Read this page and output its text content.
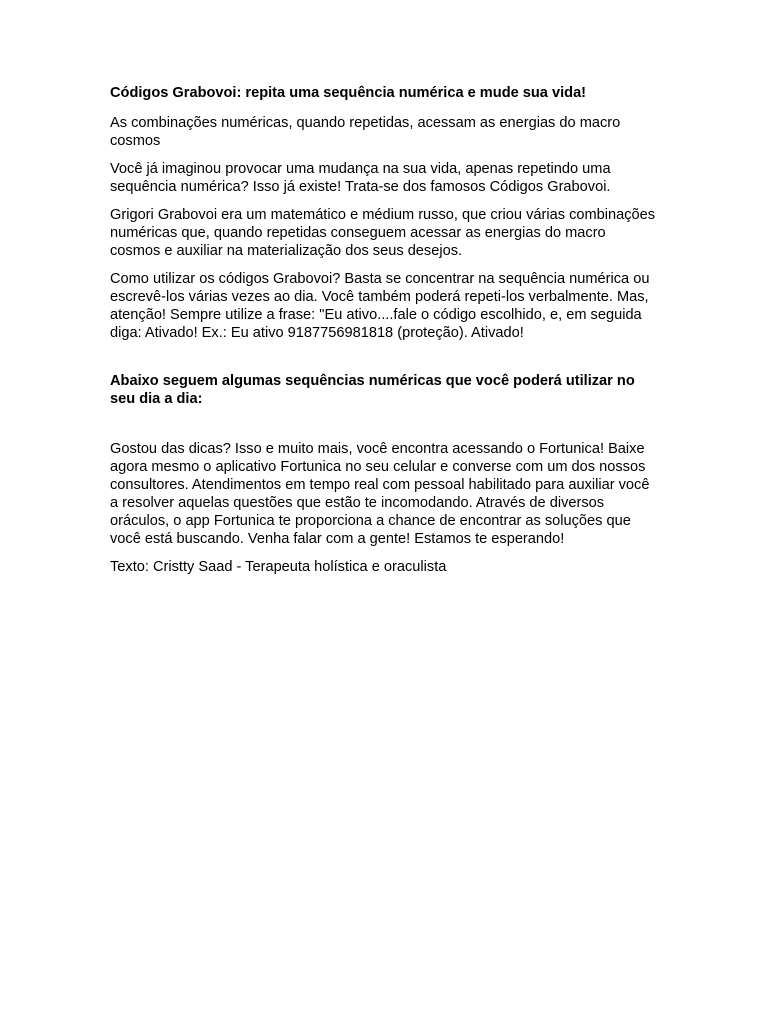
Códigos Grabovoi: repita uma sequência numérica e mude sua vida!

As combinações numéricas, quando repetidas, acessam as energias do macro cosmos

Você já imaginou provocar uma mudança na sua vida, apenas repetindo uma sequência numérica? Isso já existe! Trata-se dos famosos Códigos Grabovoi.

Grigori Grabovoi era um matemático e médium russo, que criou várias combinações numéricas que, quando repetidas conseguem acessar as energias do macro cosmos e auxiliar na materialização dos seus desejos.

Como utilizar os códigos Grabovoi? Basta se concentrar na sequência numérica ou escrevê-los várias vezes ao dia. Você também poderá repeti-los verbalmente. Mas, atenção! Sempre utilize a frase: "Eu ativo....fale o código escolhido, e, em seguida diga: Ativado! Ex.: Eu ativo 9187756981818 (proteção). Ativado!

Abaixo seguem algumas sequências numéricas que você poderá utilizar no seu dia a dia:

Gostou das dicas? Isso e muito mais, você encontra acessando o Fortunica! Baixe agora mesmo o aplicativo Fortunica no seu celular e converse com um dos nossos consultores. Atendimentos em tempo real com pessoal habilitado para auxiliar você a resolver aquelas questões que estão te incomodando. Através de diversos oráculos, o app Fortunica te proporciona a chance de encontrar as soluções que você está buscando. Venha falar com a gente! Estamos te esperando!

Texto: Cristty Saad - Terapeuta holística e oraculista
